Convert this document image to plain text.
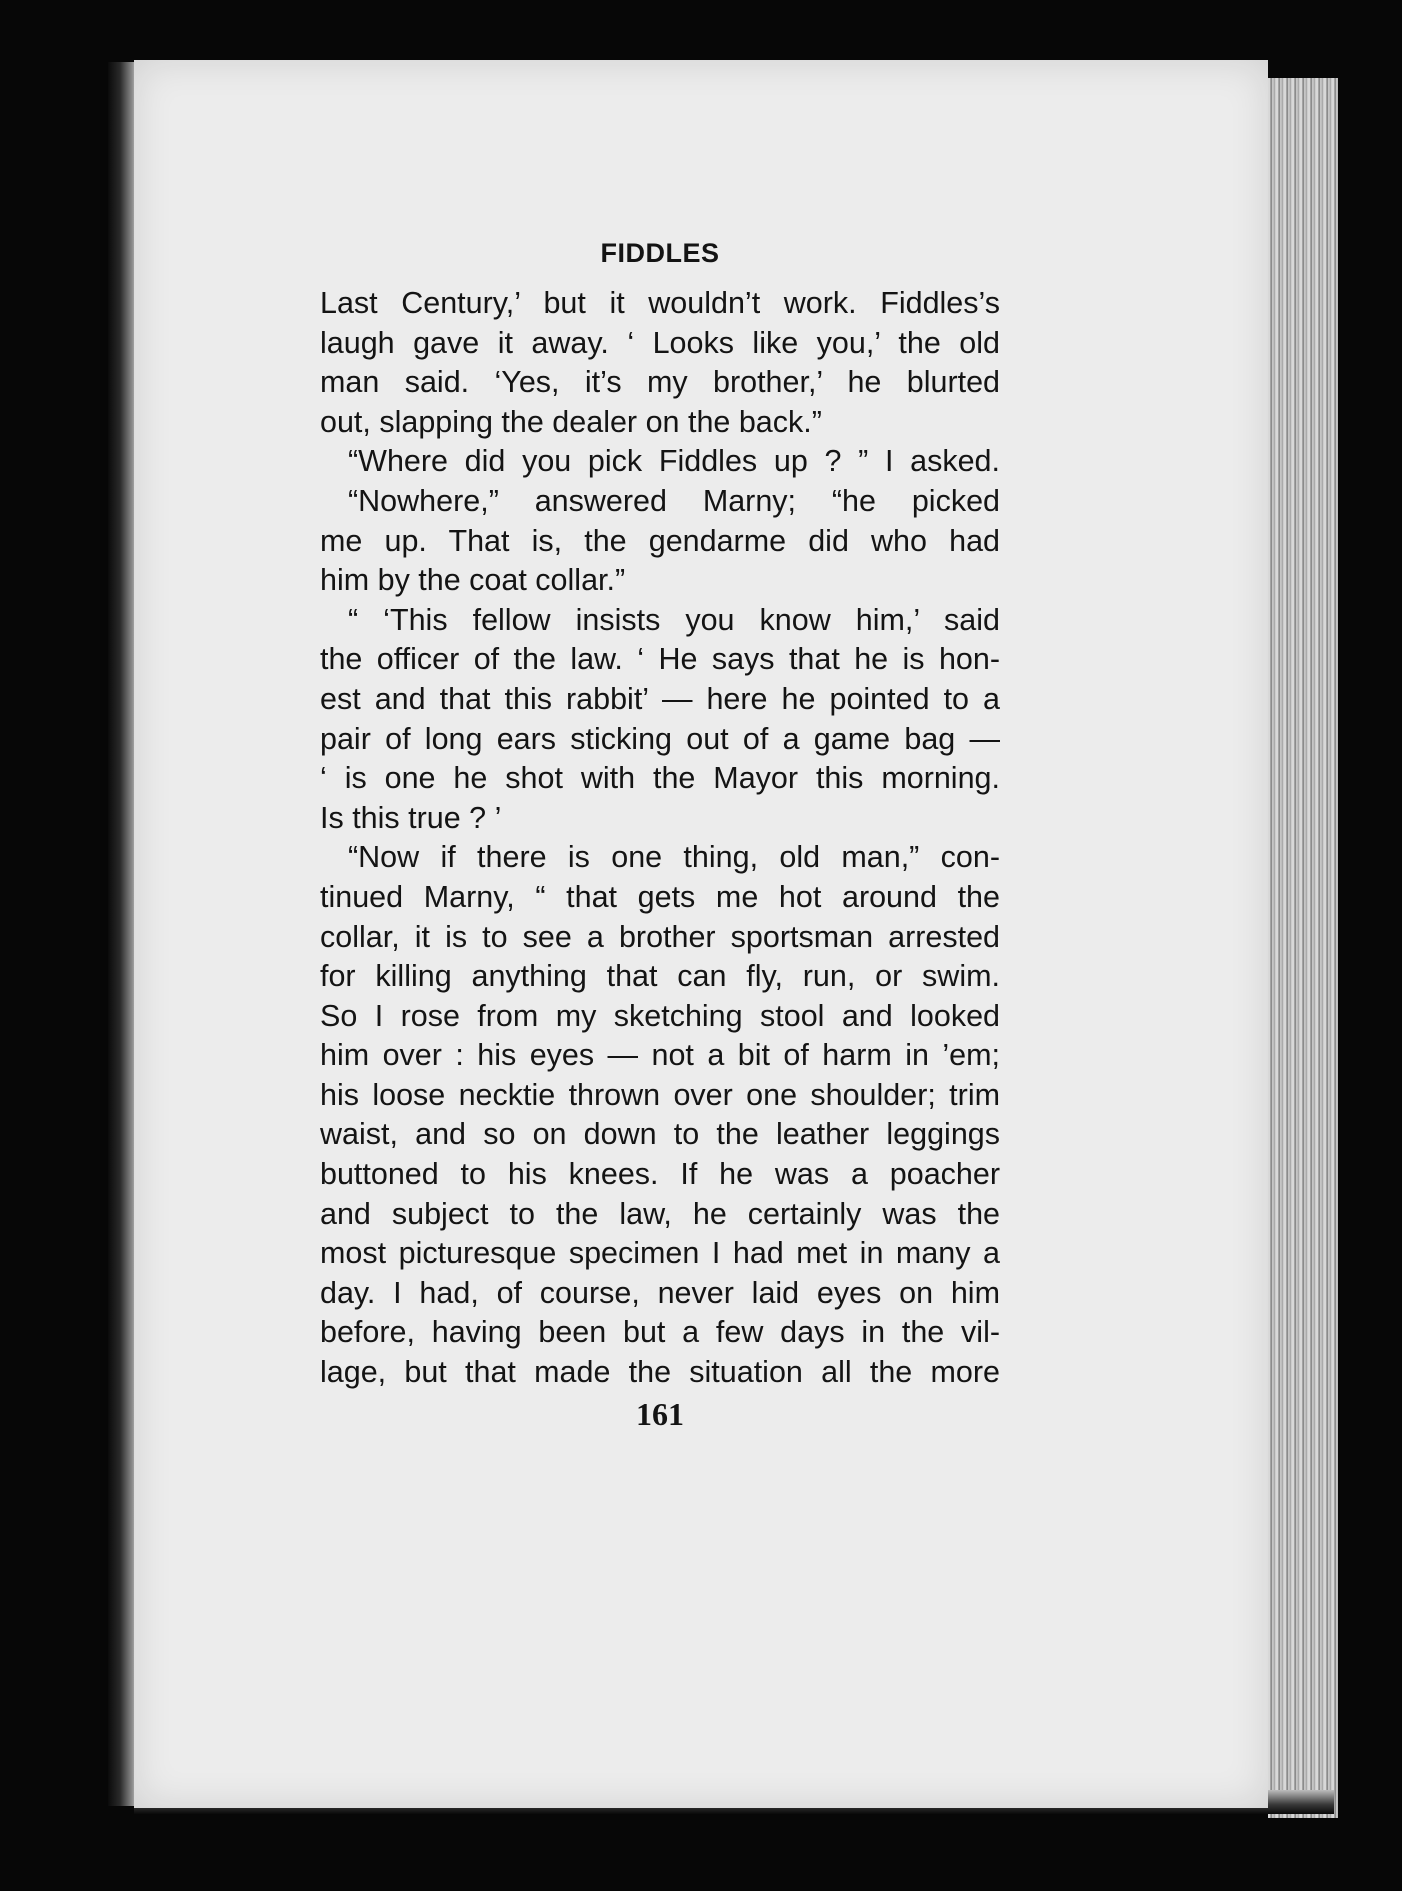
FIDDLES
Last Century,’ but it wouldn’t work. Fiddles’s
laugh gave it away. ‘ Looks like you,’ the old
man said. ‘Yes, it’s my brother,’ he blurted
out, slapping the dealer on the back.”
“Where did you pick Fiddles up ? ” I asked.
“Nowhere,” answered Marny; “he picked
me up. That is, the gendarme did who had
him by the coat collar.”
“ ‘This fellow insists you know him,’ said
the officer of the law. ‘ He says that he is hon-
est and that this rabbit’ — here he pointed to a
pair of long ears sticking out of a game bag —
‘ is one he shot with the Mayor this morning.
Is this true ? ’
“Now if there is one thing, old man,” con-
tinued Marny, “ that gets me hot around the
collar, it is to see a brother sportsman arrested
for killing anything that can fly, run, or swim.
So I rose from my sketching stool and looked
him over : his eyes — not a bit of harm in ’em;
his loose necktie thrown over one shoulder; trim
waist, and so on down to the leather leggings
buttoned to his knees. If he was a poacher
and subject to the law, he certainly was the
most picturesque specimen I had met in many a
day. I had, of course, never laid eyes on him
before, having been but a few days in the vil-
lage, but that made the situation all the more
161
